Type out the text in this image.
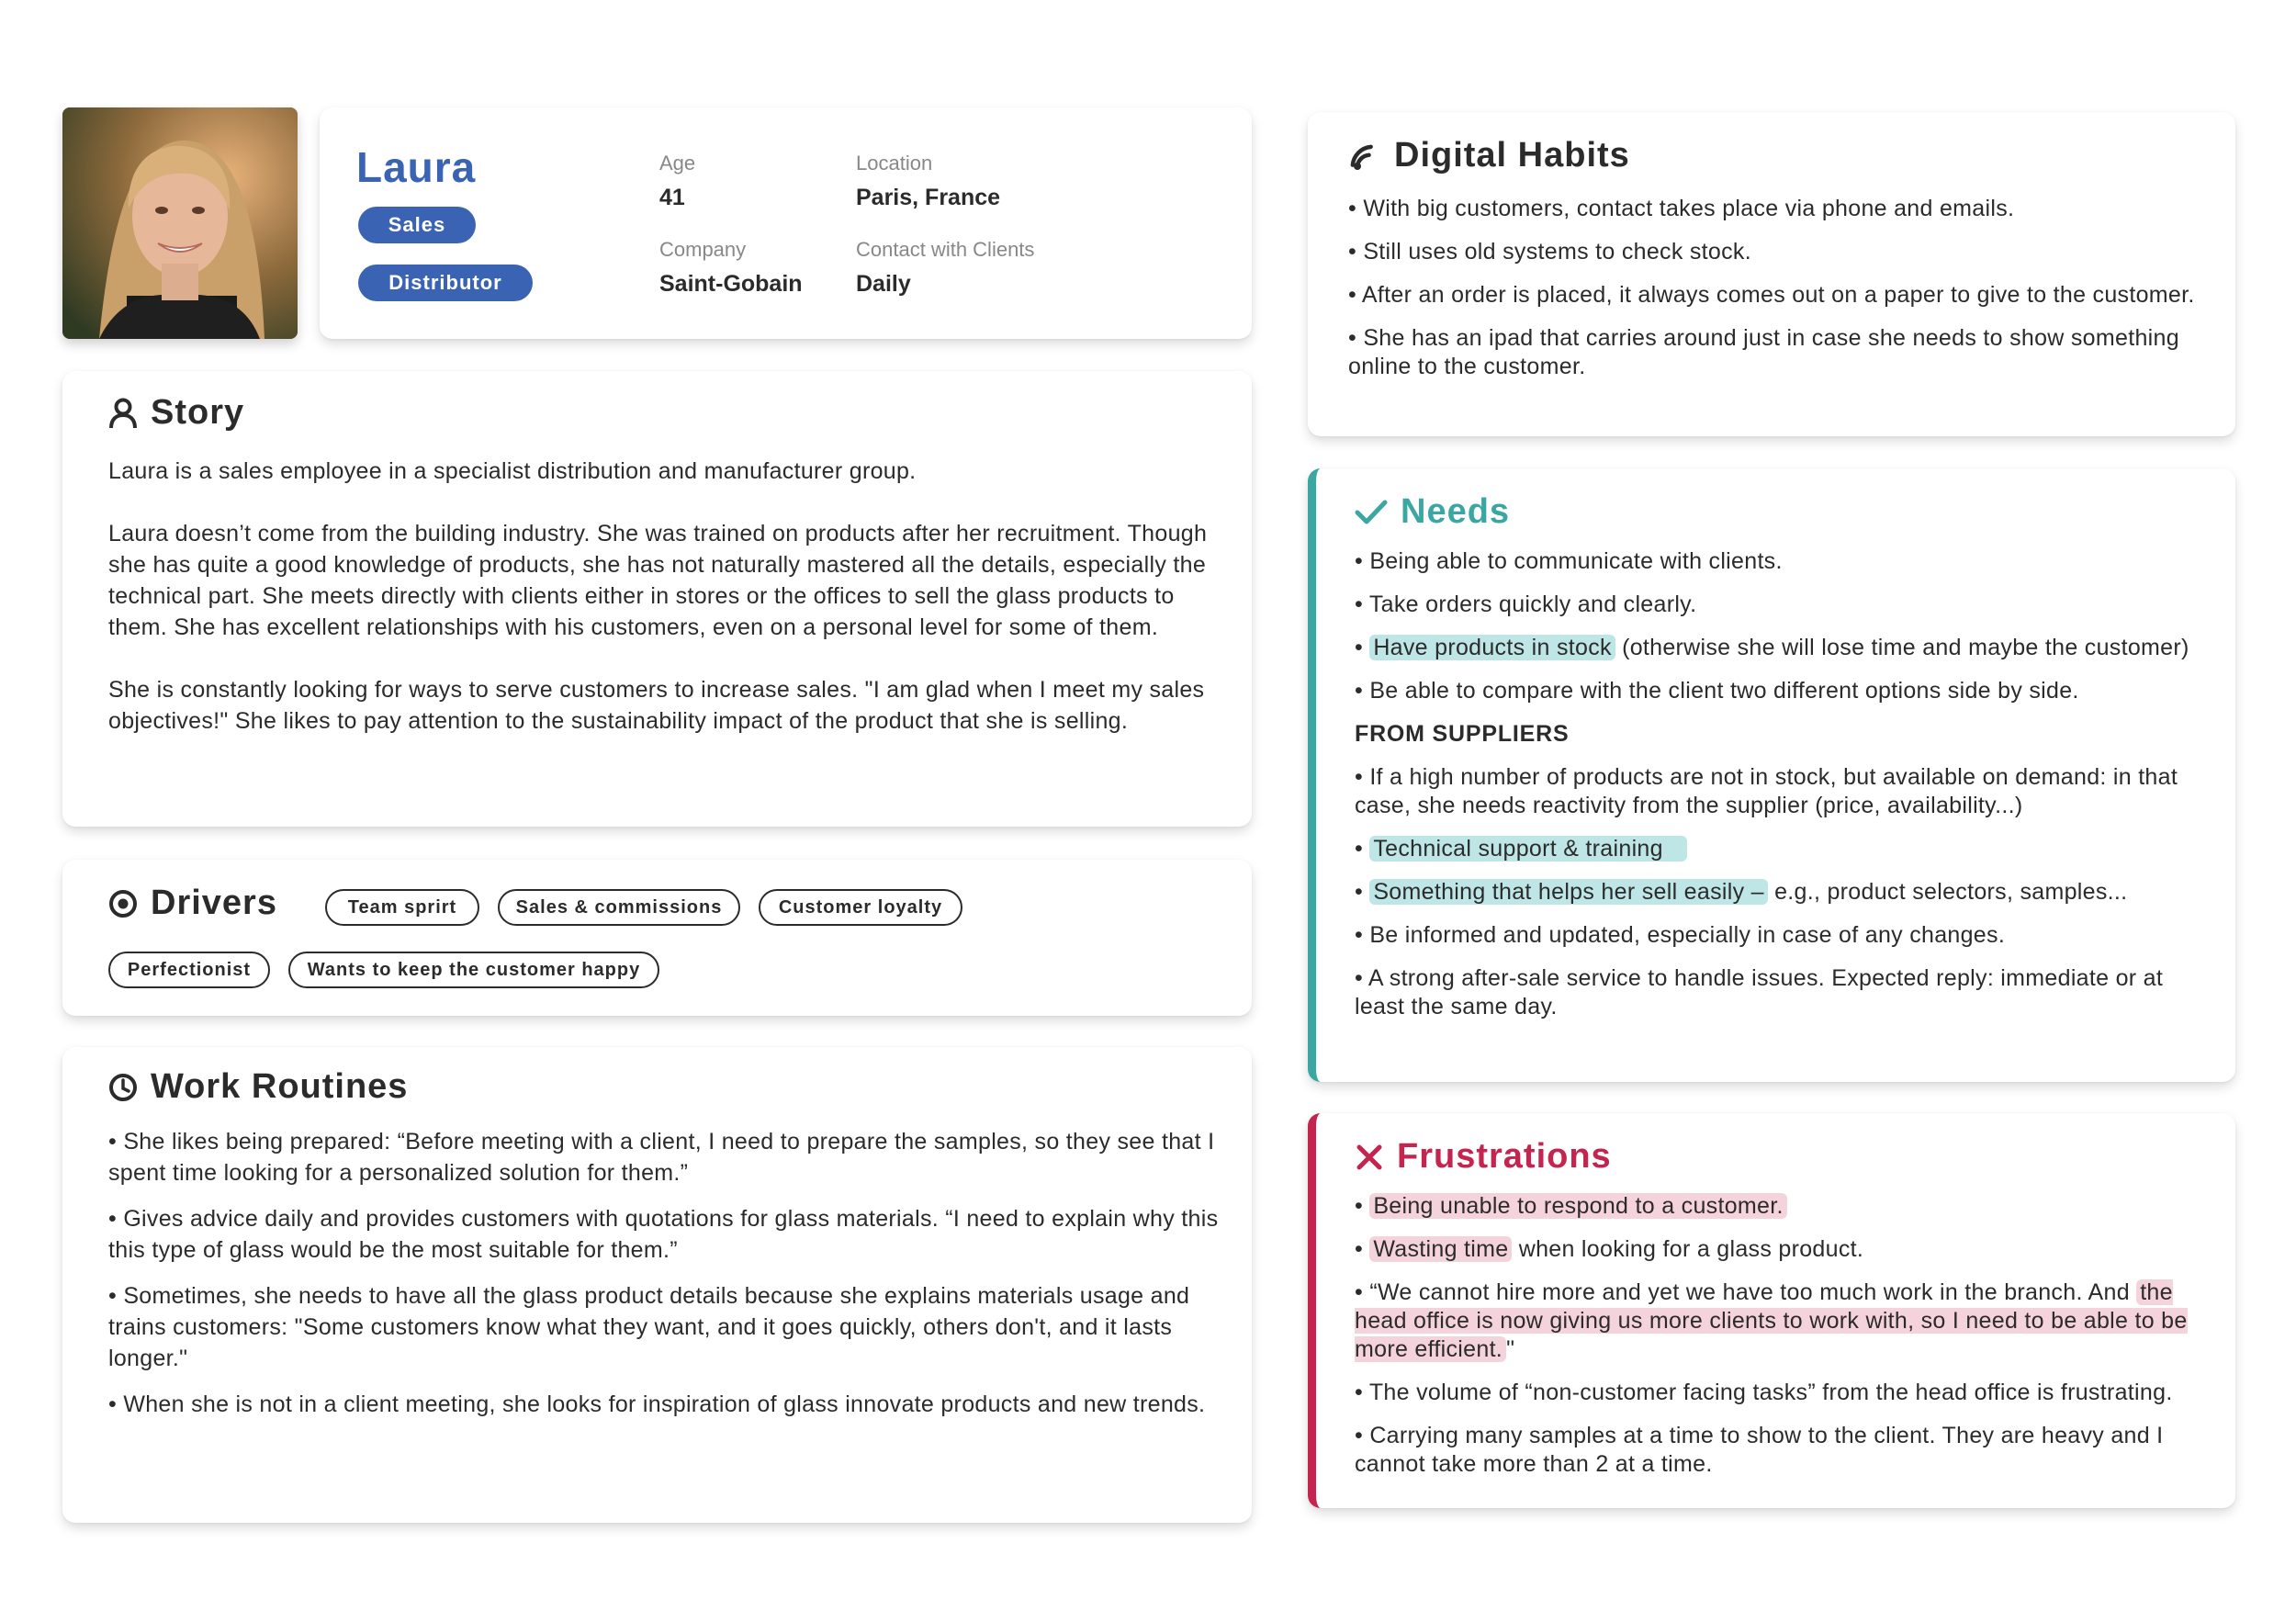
Laura
Sales
Distributor
Age
41
Location
Paris, France
Company
Saint-Gobain
Contact with Clients
Daily
Story

Laura is a sales employee in a specialist distribution and manufacturer group.

Laura doesn’t come from the building industry. She was trained on products after her recruitment. Though she has quite a good knowledge of products, she has not naturally mastered all the details, especially the technical part. She meets directly with clients either in stores or the offices to sell the glass products to them. She has excellent relationships with his customers, even on a personal level for some of them.

She is constantly looking for ways to serve customers to increase sales. "I am glad when I meet my sales objectives!" She likes to pay attention to the sustainability impact of the product that she is selling.

Drivers	Team sprirt	Sales & commissions	Customer loyalty
Perfectionist	Wants to keep the customer happy
Work Routines
• She likes being prepared: “Before meeting with a client, I need to prepare the samples, so they see that I spent time looking for a personalized solution for them.”
• Gives advice daily and provides customers with quotations for glass materials. “I need to explain why this this type of glass would be the most suitable for them.”
• Sometimes, she needs to have all the glass product details because she explains materials usage and trains customers: "Some customers know what they want, and it goes quickly, others don't, and it lasts longer."
• When she is not in a client meeting, she looks for inspiration of glass innovate products and new trends.
Digital Habits
• With big customers, contact takes place via phone and emails.
• Still uses old systems to check stock.
• After an order is placed, it always comes out on a paper to give to the customer.
• She has an ipad that carries around just in case she needs to show something online to the customer.
Needs
• Being able to communicate with clients.
• Take orders quickly and clearly.
• Have products in stock (otherwise she will lose time and maybe the customer)
• Be able to compare with the client two different options side by side.
FROM SUPPLIERS
• If a high number of products are not in stock, but available on demand: in that case, she needs reactivity from the supplier (price, availability...)
• Technical support & training
• Something that helps her sell easily – e.g., product selectors, samples...
• Be informed and updated, especially in case of any changes.
• A strong after-sale service to handle issues. Expected reply: immediate or at least the same day.
Frustrations
• Being unable to respond to a customer.
• Wasting time when looking for a glass product.
• “We cannot hire more and yet we have too much work in the branch. And the head office is now giving us more clients to work with, so I need to be able to be more efficient. "
• The volume of “non-customer facing tasks” from the head office is frustrating.
• Carrying many samples at a time to show to the client. They are heavy and I cannot take more than 2 at a time.
